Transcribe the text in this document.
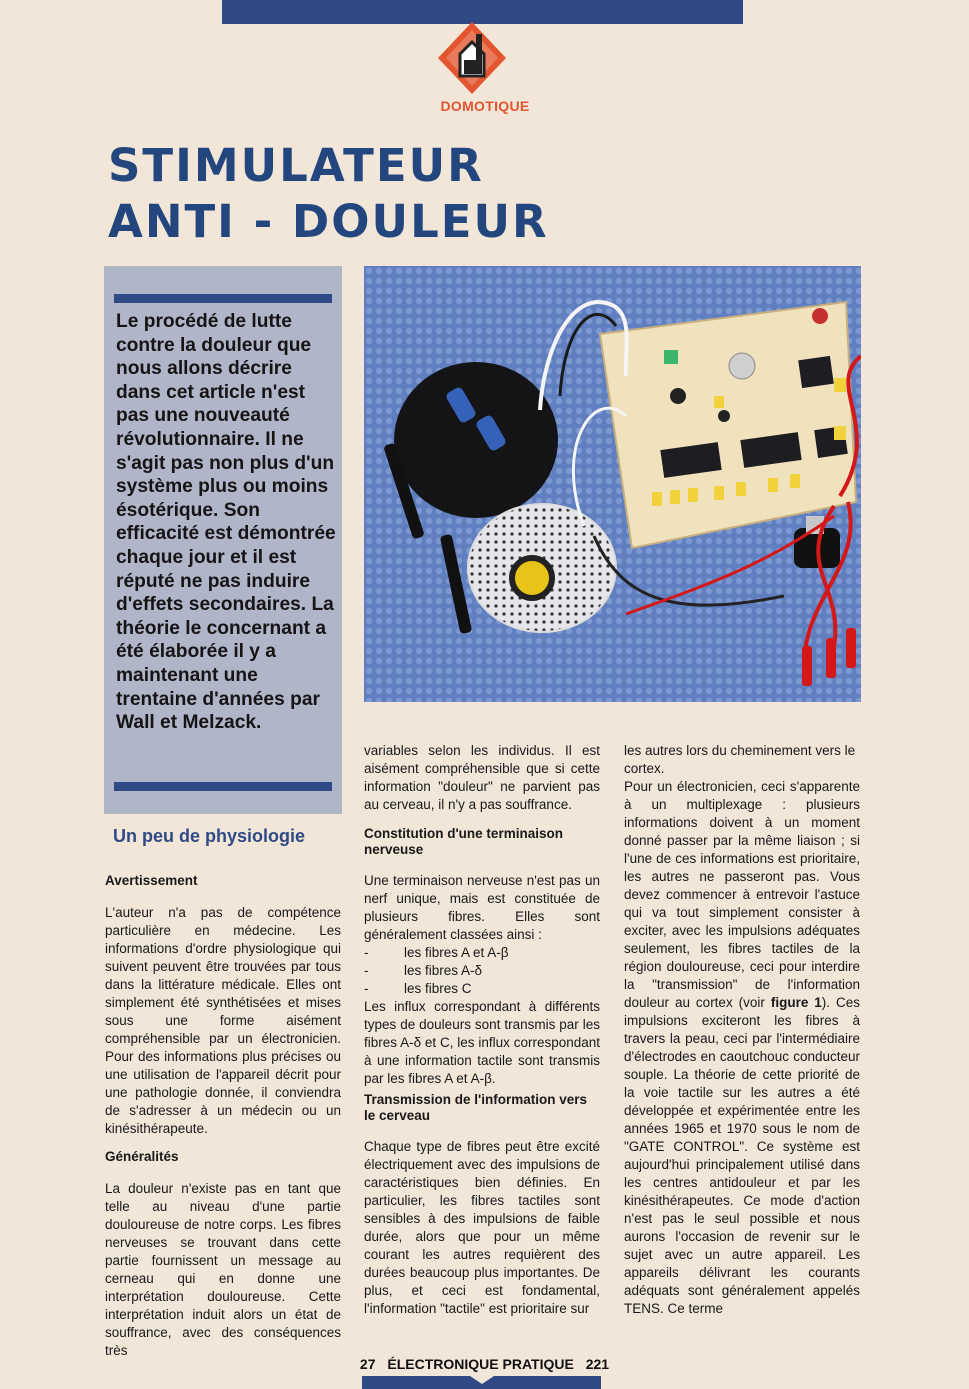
DOMOTIQUE
STIMULATEUR
ANTI - DOULEUR

Le procédé de lutte contre la douleur que nous allons décrire dans cet article n'est pas une nouveauté révolutionnaire. Il ne s'agit pas non plus d'un système plus ou moins ésotérique. Son efficacité est démontrée chaque jour et il est réputé ne pas induire d'effets secondaires. La théorie le concernant a été élaborée il y a maintenant une trentaine d'années par Wall et Melzack.

Un peu de physiologie

Avertissement

L'auteur n'a pas de compétence particulière en médecine. Les informations d'ordre physiologique qui suivent peuvent être trouvées par tous dans la littérature médicale. Elles ont simplement été synthétisées et mises sous une forme aisément compréhensible par un électronicien. Pour des informations plus précises ou une utilisation de l'appareil décrit pour une pathologie donnée, il conviendra de s'adresser à un médecin ou un kinésithérapeute.

Généralités

La douleur n'existe pas en tant que telle au niveau d'une partie douloureuse de notre corps. Les fibres nerveuses se trouvant dans cette partie fournissent un message au cerneau qui en donne une interprétation douloureuse. Cette interprétation induit alors un état de souffrance, avec des conséquences très

variables selon les individus. Il est aisément compréhensible que si cette information "douleur" ne parvient pas au cerveau, il n'y a pas souffrance.

Constitution d'une terminaison nerveuse

Une terminaison nerveuse n'est pas un nerf unique, mais est constituée de plusieurs fibres. Elles sont généralement classées ainsi :

-	les fibres A et A-β
-	les fibres A-δ
-	les fibres C

Les influx correspondant à différents types de douleurs sont transmis par les fibres A-δ et C, les influx correspondant à une information tactile sont transmis par les fibres A et A-β.

Transmission de l'information vers le cerveau

Chaque type de fibres peut être excité électriquement avec des impulsions de caractéristiques bien définies. En particulier, les fibres tactiles sont sensibles à des impulsions de faible durée, alors que pour un même courant les autres requièrent des durées beaucoup plus importantes. De plus, et ceci est fondamental, l'information "tactile" est prioritaire sur

les autres lors du cheminement vers le cortex.

Pour un électronicien, ceci s'apparente à un multiplexage : plusieurs informations doivent à un moment donné passer par la même liaison ; si l'une de ces informations est prioritaire, les autres ne passeront pas. Vous devez commencer à entrevoir l'astuce qui va tout simplement consister à exciter, avec les impulsions adéquates seulement, les fibres tactiles de la région douloureuse, ceci pour interdire la "transmission" de l'information douleur au cortex (voir figure 1). Ces impulsions exciteront les fibres à travers la peau, ceci par l'intermédiaire d'électrodes en caoutchouc conducteur souple. La théorie de cette priorité de la voie tactile sur les autres a été développée et expérimentée entre les années 1965 et 1970 sous le nom de "GATE CONTROL". Ce système est aujourd'hui principalement utilisé dans les centres antidouleur et par les kinésithérapeutes. Ce mode d'action n'est pas le seul possible et nous aurons l'occasion de revenir sur le sujet avec un autre appareil. Les appareils délivrant les courants adéquats sont généralement appelés TENS. Ce terme

27 ÉLECTRONIQUE PRATIQUE 221
